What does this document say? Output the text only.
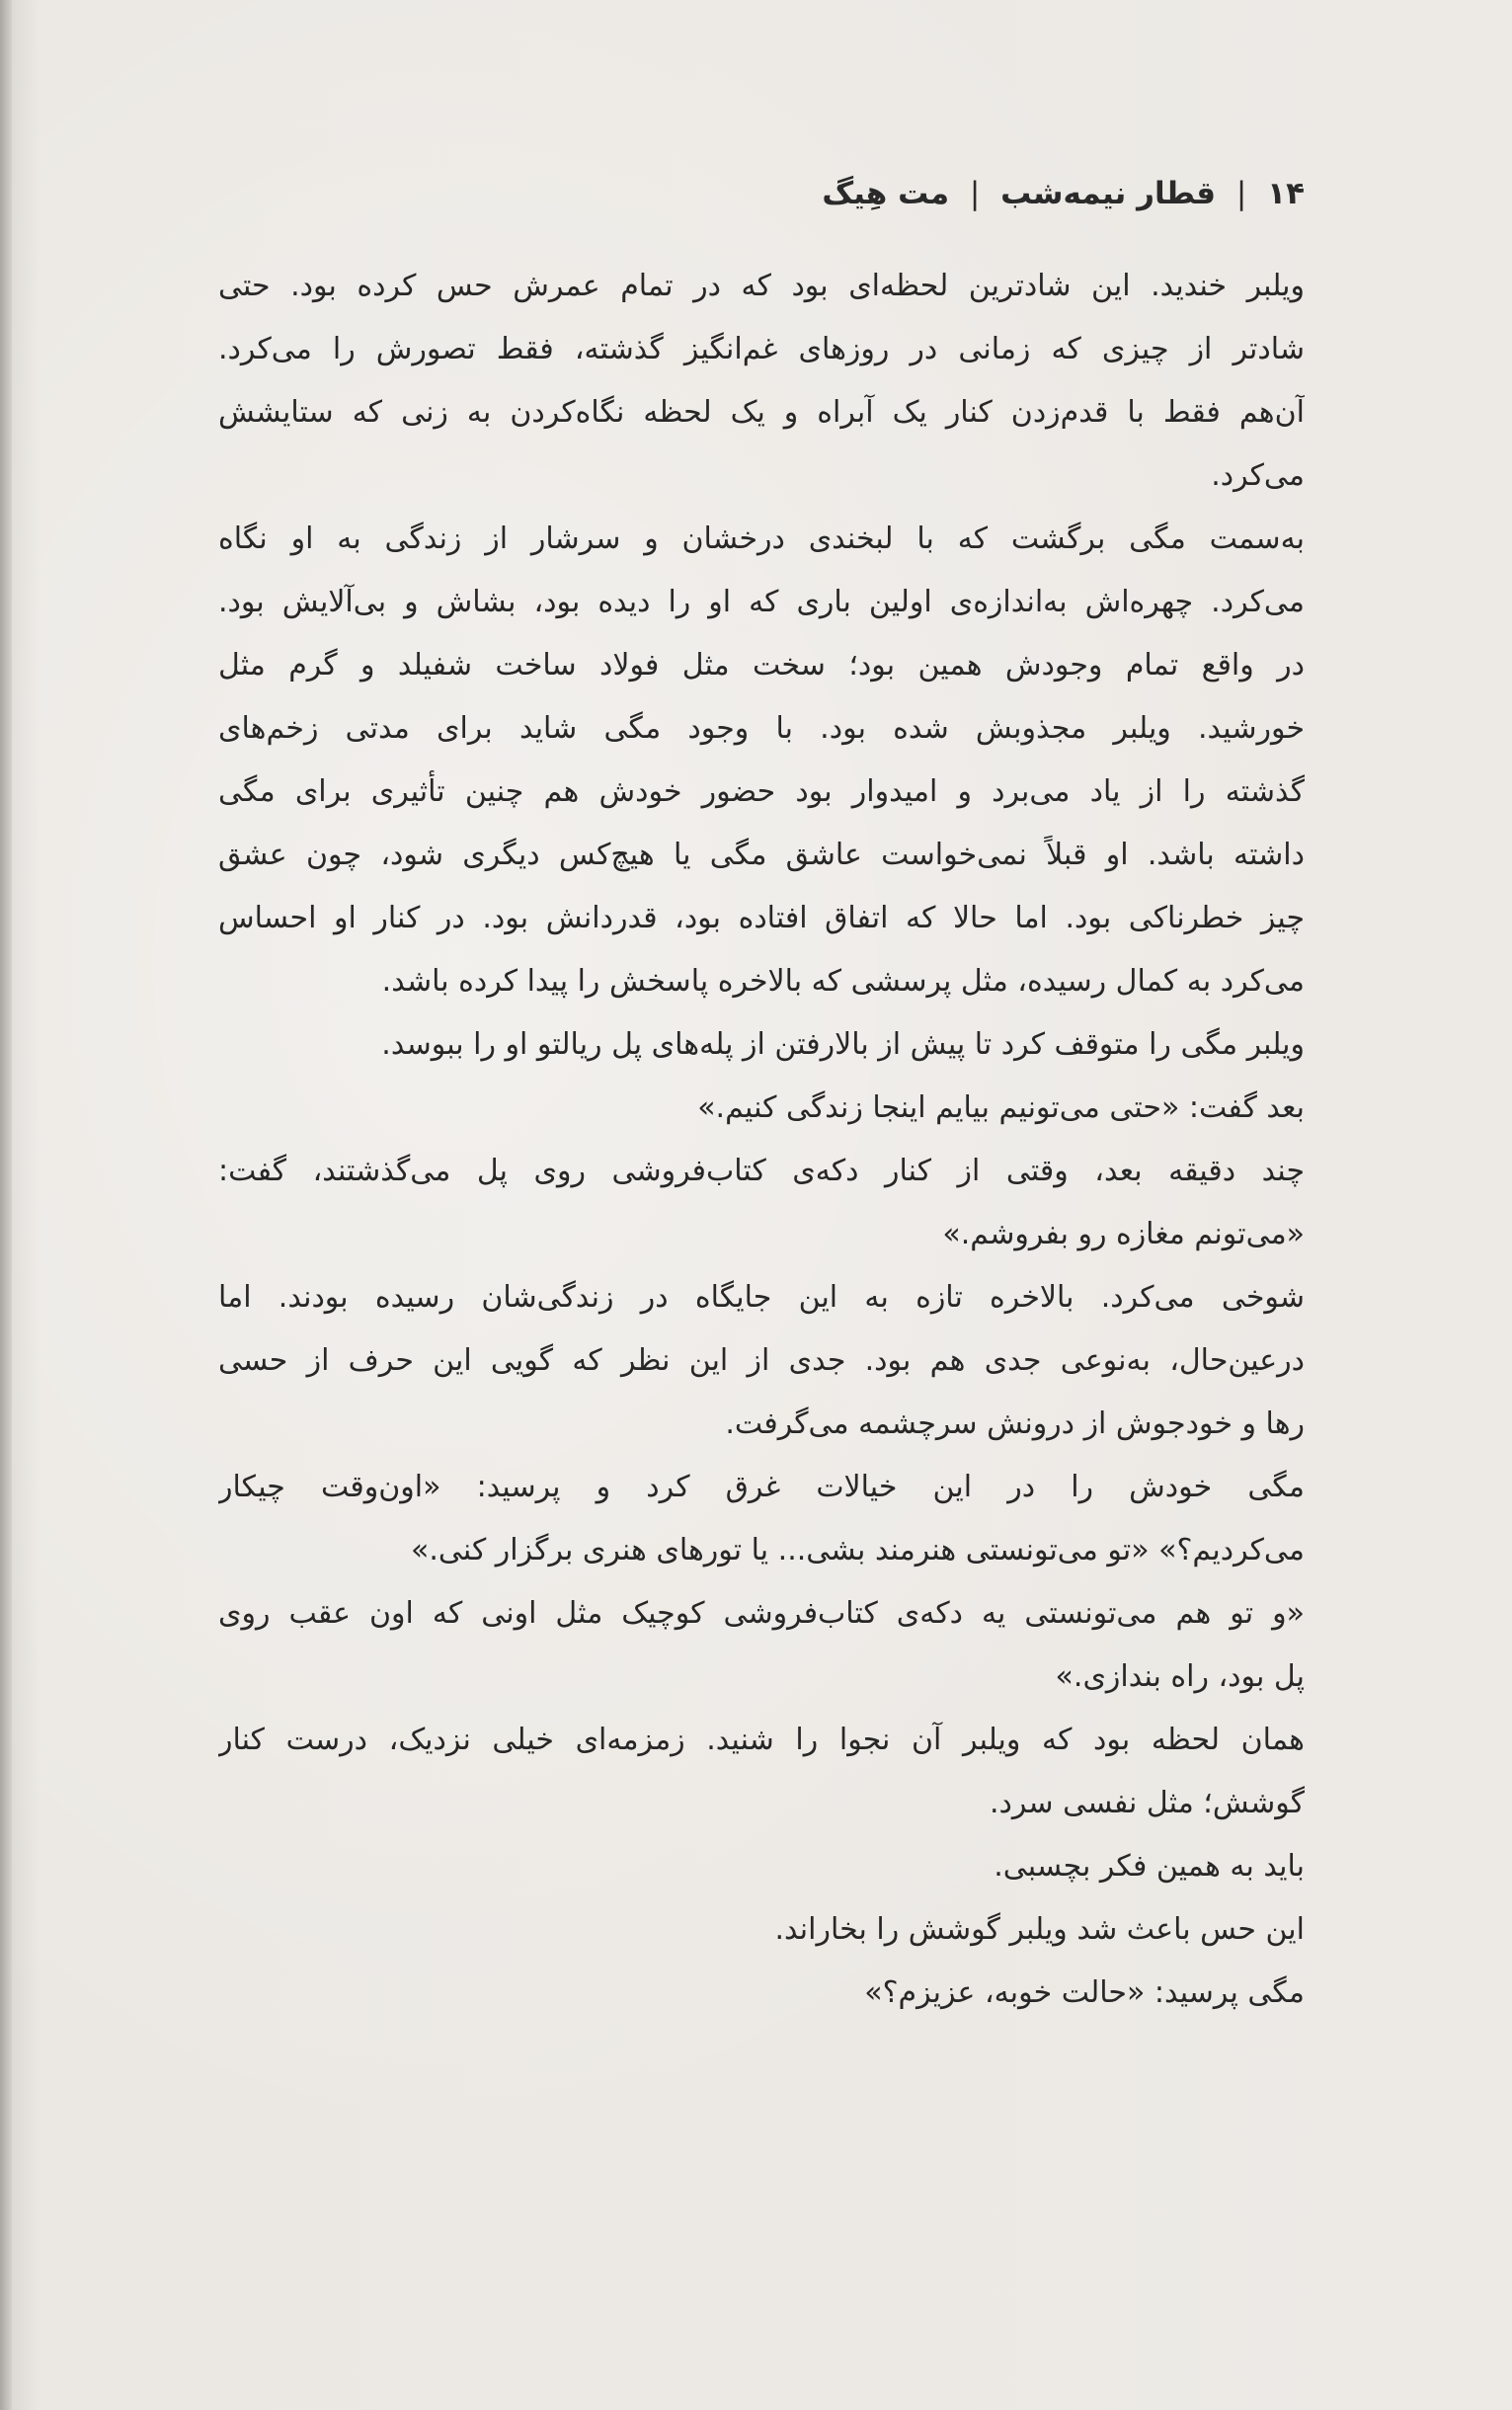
۱۴ | قطار نیمه‌شب | مت هِیگ
ویلبر خندید. این شادترین لحظه‌ای بود که در تمام عمرش حس کرده بود. حتی
شادتر از چیزی که زمانی در روزهای غم‌انگیز گذشته، فقط تصورش را می‌کرد.
آن‌هم فقط با قدم‌زدن کنار یک آبراه و یک لحظه نگاه‌کردن به زنی که ستایشش
می‌کرد.
به‌سمت مگی برگشت که با لبخندی درخشان و سرشار از زندگی به او نگاه
می‌کرد. چهره‌اش به‌اندازه‌ی اولین باری که او را دیده بود، بشاش و بی‌آلایش بود.
در واقع تمام وجودش همین بود؛ سخت مثل فولاد ساخت شفیلد و گرم مثل
خورشید. ویلبر مجذوبش شده بود. با وجود مگی شاید برای مدتی زخم‌های
گذشته را از یاد می‌برد و امیدوار بود حضور خودش هم چنین تأثیری برای مگی
داشته باشد. او قبلاً نمی‌خواست عاشق مگی یا هیچ‌کس دیگری شود، چون عشق
چیز خطرناکی بود. اما حالا که اتفاق افتاده بود، قدردانش بود. در کنار او احساس
می‌کرد به کمال رسیده، مثل پرسشی که بالاخره پاسخش را پیدا کرده باشد.
ویلبر مگی را متوقف کرد تا پیش از بالارفتن از پله‌های پل ریالتو او را ببوسد.
بعد گفت: «حتی می‌تونیم بیایم اینجا زندگی کنیم.»
چند دقیقه بعد، وقتی از کنار دکه‌ی کتاب‌فروشی روی پل می‌گذشتند، گفت:
«می‌تونم مغازه رو بفروشم.»
شوخی می‌کرد. بالاخره تازه به این جایگاه در زندگی‌شان رسیده بودند. اما
درعین‌حال، به‌نوعی جدی هم بود. جدی از این نظر که گویی این حرف از حسی
رها و خودجوش از درونش سرچشمه می‌گرفت.
مگی خودش را در این خیالات غرق کرد و پرسید: «اون‌وقت چیکار
می‌کردیم؟» «تو می‌تونستی هنرمند بشی... یا تورهای هنری برگزار کنی.»
«و تو هم می‌تونستی یه دکه‌ی کتاب‌فروشی کوچیک مثل اونی که اون عقب روی
پل بود، راه بندازی.»
همان لحظه بود که ویلبر آن نجوا را شنید. زمزمه‌ای خیلی نزدیک، درست کنار
گوشش؛ مثل نفسی سرد.
باید به همین فکر بچسبی.
این حس باعث شد ویلبر گوشش را بخاراند.
مگی پرسید: «حالت خوبه، عزیزم؟»
